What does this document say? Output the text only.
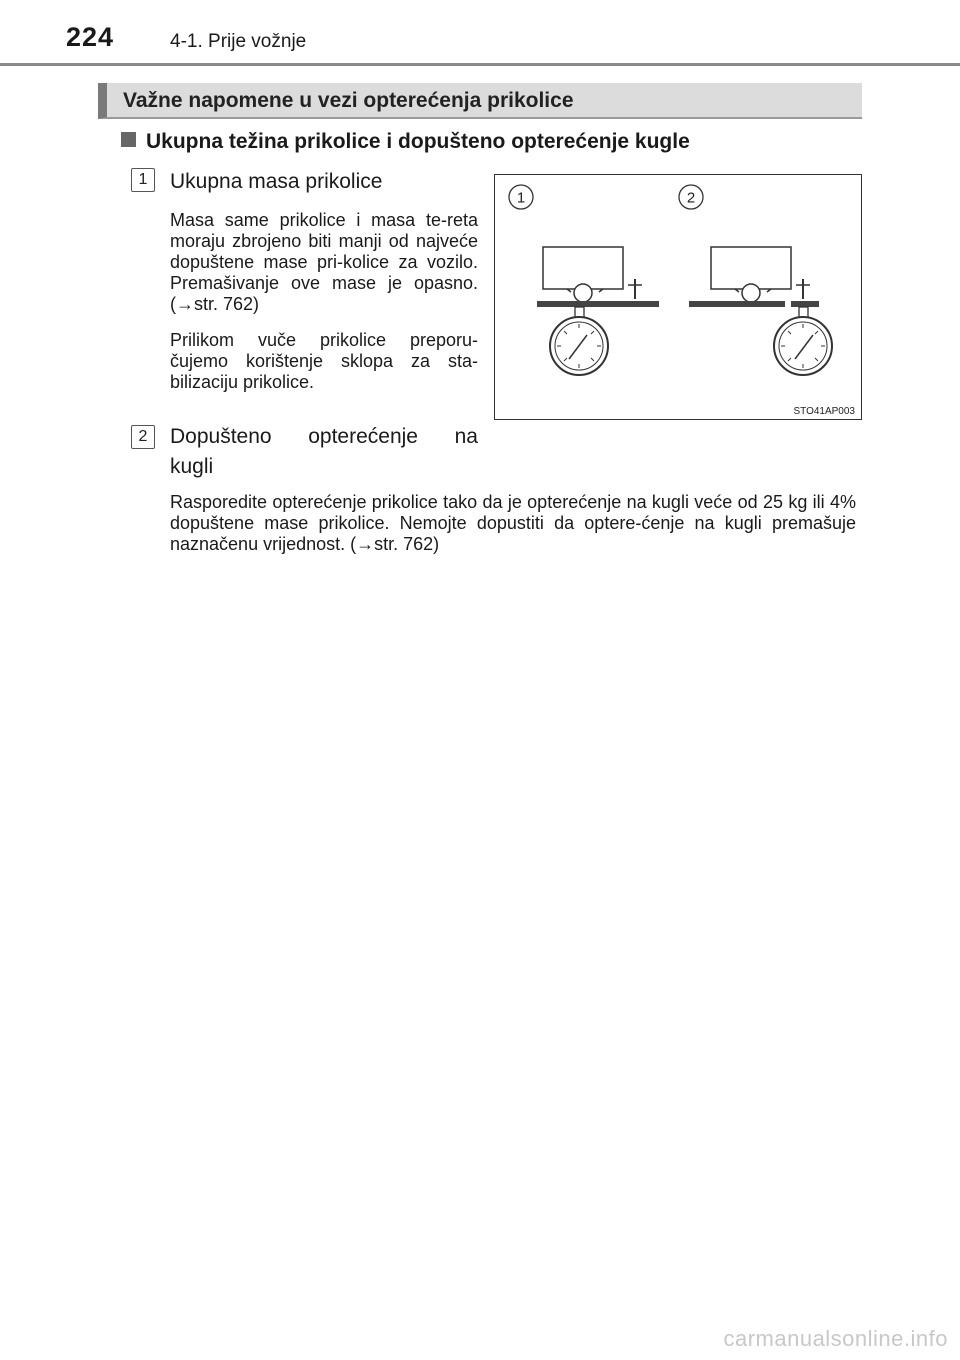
224	4-1. Prije vožnje
Važne napomene u vezi opterećenja prikolice
Ukupna težina prikolice i dopušteno opterećenje kugle
1	Ukupna masa prikolice
Masa same prikolice i masa te-reta moraju zbrojeno biti manji od najveće dopuštene mase pri-kolice za vozilo. Premašivanje ove mase je opasno. (→str. 762)
Prilikom vuče prikolice preporu-čujemo korištenje sklopa za sta-bilizaciju prikolice.
2	Dopušteno opterećenje na kugli
Rasporedite opterećenje prikolice tako da je opterećenje na kugli veće od 25 kg ili 4% dopuštene mase prikolice. Nemojte dopustiti da optere-ćenje na kugli premašuje naznačenu vrijednost. (→str. 762)
1	2
STO41AP003
carmanualsonline.info
